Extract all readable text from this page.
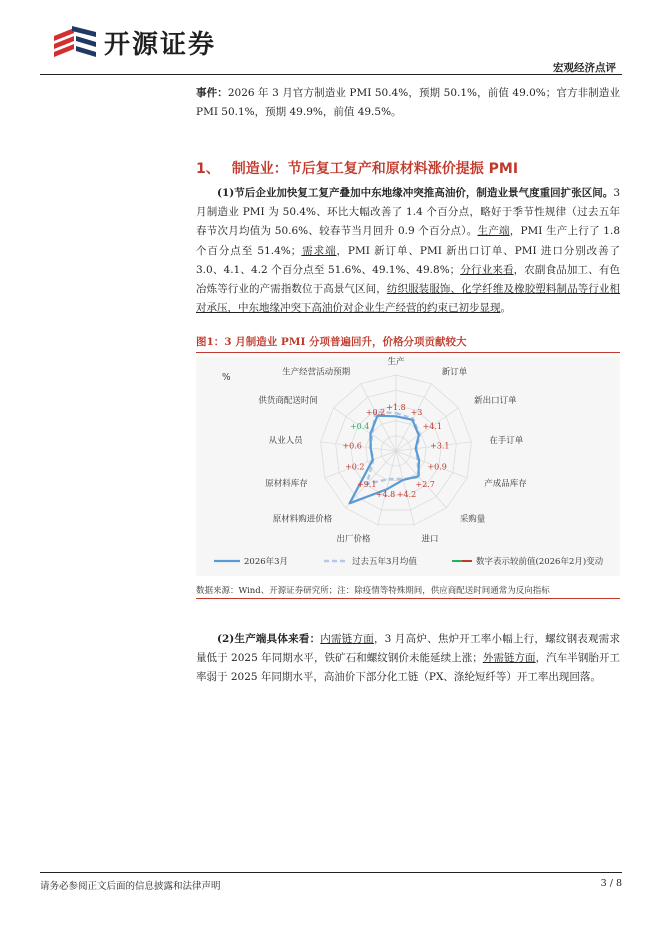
开源证券
宏观经济点评
事件：2026 年 3 月官方制造业 PMI 50.4%，预期 50.1%，前值 49.0%；官方非制造业 PMI 50.1%，预期 49.9%，前值 49.5%。
1、 制造业：节后复工复产和原材料涨价提振 PMI
(1)节后企业加快复工复产叠加中东地缘冲突推高油价，制造业景气度重回扩张区间。3 月制造业 PMI 为 50.4%、环比大幅改善了 1.4 个百分点，略好于季节性规律（过去五年春节次月均值为 50.6%、较春节当月回升 0.9 个百分点）。生产端，PMI 生产上行了 1.8 个百分点至 51.4%；需求端，PMI 新订单、PMI 新出口订单、PMI 进口分别改善了 3.0、4.1、4.2 个百分点至 51.6%、49.1%、49.8%；分行业来看，农副食品加工、有色冶炼等行业的产需指数位于高景气区间，纺织服装服饰、化学纤维及橡胶塑料制品等行业相对承压，中东地缘冲突下高油价对企业生产经营的约束已初步显现。
图1：3 月制造业 PMI 分项普遍回升，价格分项贡献较大
%
生产
新订单
新出口订单
在手订单
产成品库存
采购量
进口
出厂价格
原材料购进价格
原材料库存
从业人员
供货商配送时间
生产经营活动预期
+1.8
+3
+4.1
+3.1
+0.9
+2.7
+4.2
+4.8
+9.1
+0.2
+0.6
+0.4
+0.2
2026年3月	过去五年3月均值	数字表示较前值(2026年2月)变动
数据来源：Wind、开源证券研究所；注：除疫情等特殊期间，供应商配送时间通常为反向指标
(2)生产端具体来看：内需链方面，3 月高炉、焦炉开工率小幅上行，螺纹钢表观需求量低于 2025 年同期水平，铁矿石和螺纹钢价未能延续上涨；外需链方面，汽车半钢胎开工率弱于 2025 年同期水平，高油价下部分化工链（PX、涤纶短纤等）开工率出现回落。
请务必参阅正文后面的信息披露和法律声明	3 / 8
